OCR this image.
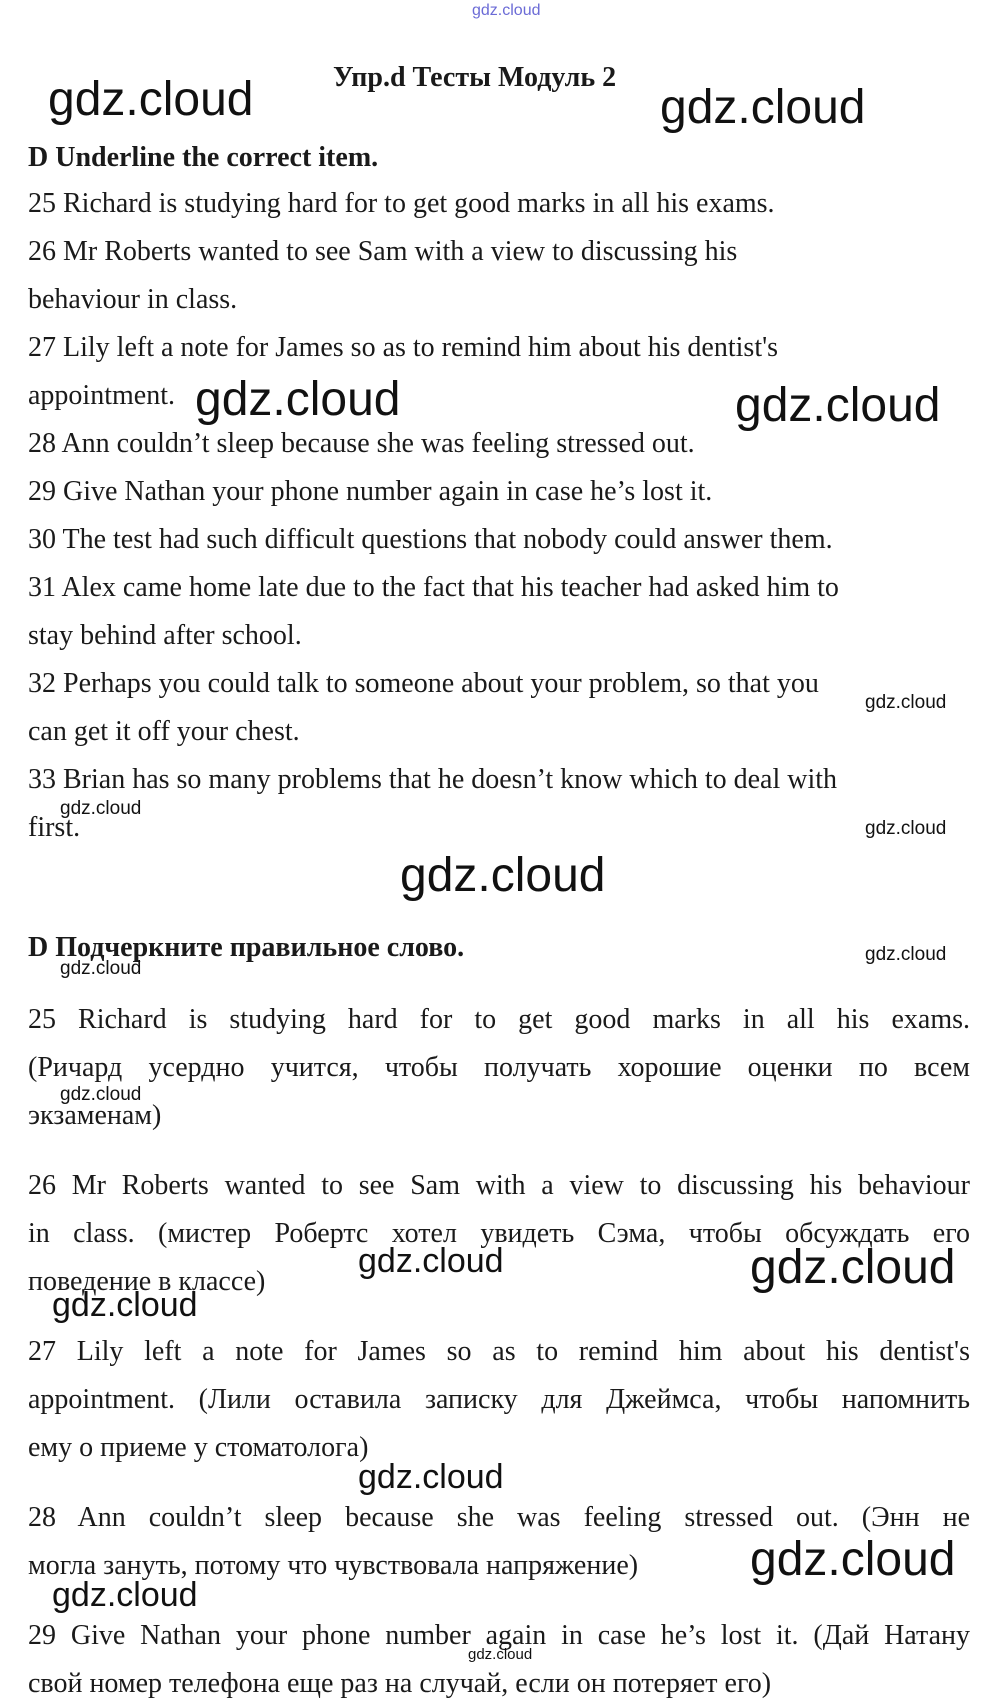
gdz.cloud
Упр.d Тесты Модуль 2
D Underline the correct item.
25 Richard is studying hard for to get good marks in all his exams.
26 Mr Roberts wanted to see Sam with a view to discussing his
behaviour in class.
27 Lily left a note for James so as to remind him about his dentist's
appointment.
28 Ann couldn’t sleep because she was feeling stressed out.
29 Give Nathan your phone number again in case he’s lost it.
30 The test had such difficult questions that nobody could answer them.
31 Alex came home late due to the fact that his teacher had asked him to
stay behind after school.
32 Perhaps you could talk to someone about your problem, so that you
can get it off your chest.
33 Brian has so many problems that he doesn’t know which to deal with
first.
D Подчеркните правильное слово.
25 Richard is studying hard for to get good marks in all his exams.
(Ричард усердно учится, чтобы получать хорошие оценки по всем
экзаменам)
26 Mr Roberts wanted to see Sam with a view to discussing his behaviour
in class. (мистер Робертс хотел увидеть Сэма, чтобы обсуждать его
поведение в классе)
27 Lily left a note for James so as to remind him about his dentist's
appointment. (Лили оставила записку для Джеймса, чтобы напомнить
ему о приеме у стоматолога)
28 Ann couldn’t sleep because she was feeling stressed out. (Энн не
могла зануть, потому что чувствовала напряжение)
29 Give Nathan your phone number again in case he’s lost it. (Дай Натану
свой номер телефона еще раз на случай, если он потеряет его)
gdz.cloud	gdz.cloud
gdz.cloud	gdz.cloud
gdz.cloud
gdz.cloud
gdz.cloud
gdz.cloud
gdz.cloud
gdz.cloud
gdz.cloud
gdz.cloud	gdz.cloud
gdz.cloud
gdz.cloud
gdz.cloud
gdz.cloud
gdz.cloud
